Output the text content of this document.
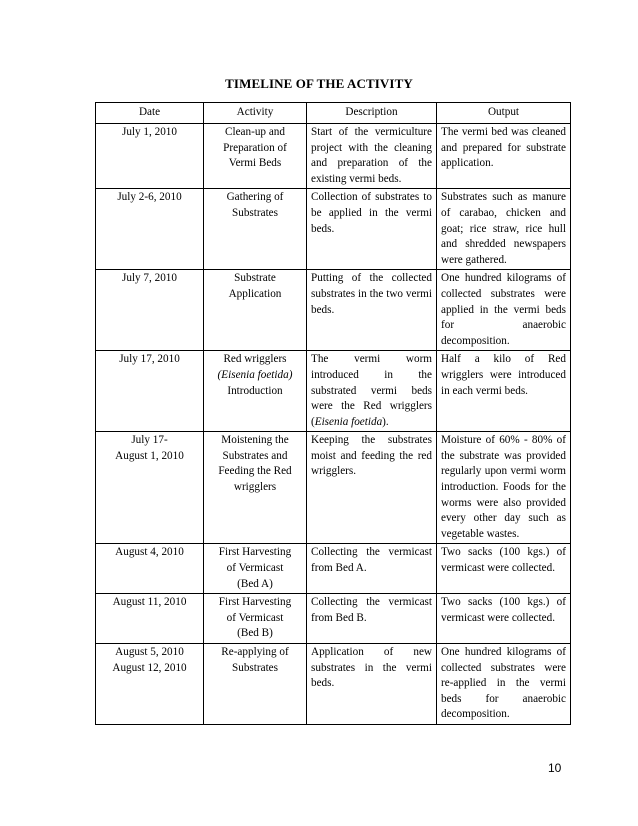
TIMELINE OF THE ACTIVITY
Date	Activity	Description	Output

July 1, 2010	Clean-up and
Preparation of
Vermi Beds	Start of the vermiculture project with the cleaning and preparation of the existing vermi beds.	The vermi bed was cleaned and prepared for substrate application.

July 2-6, 2010	Gathering of
Substrates	Collection of substrates to be applied in the vermi beds.	Substrates such as manure of carabao, chicken and goat; rice straw, rice hull and shredded newspapers were gathered.

July 7, 2010	Substrate
Application	Putting of the collected substrates in the two vermi beds.	One hundred kilograms of collected substrates were applied in the vermi beds for anaerobic decomposition.

July 17, 2010	Red wrigglers
(Eisenia foetida)
Introduction	The vermi worm introduced in the substrated vermi beds were the Red wrigglers (Eisenia foetida).	Half a kilo of Red wrigglers were introduced in each vermi beds.

July 17-
August 1, 2010	Moistening the
Substrates and
Feeding the Red
wrigglers	Keeping the substrates moist and feeding the red wrigglers.	Moisture of 60% - 80% of the substrate was provided regularly upon vermi worm introduction. Foods for the worms were also provided every other day such as vegetable wastes.

August 4, 2010	First Harvesting
of Vermicast
(Bed A)	Collecting the vermicast from Bed A.	Two sacks (100 kgs.) of vermicast were collected.

August 11, 2010	First Harvesting
of Vermicast
(Bed B)	Collecting the vermicast from Bed B.	Two sacks (100 kgs.) of vermicast were collected.

August 5, 2010
August 12, 2010	Re-applying of
Substrates	Application of new substrates in the vermi beds.	One hundred kilograms of collected substrates were re-applied in the vermi beds for anaerobic decomposition.
10
